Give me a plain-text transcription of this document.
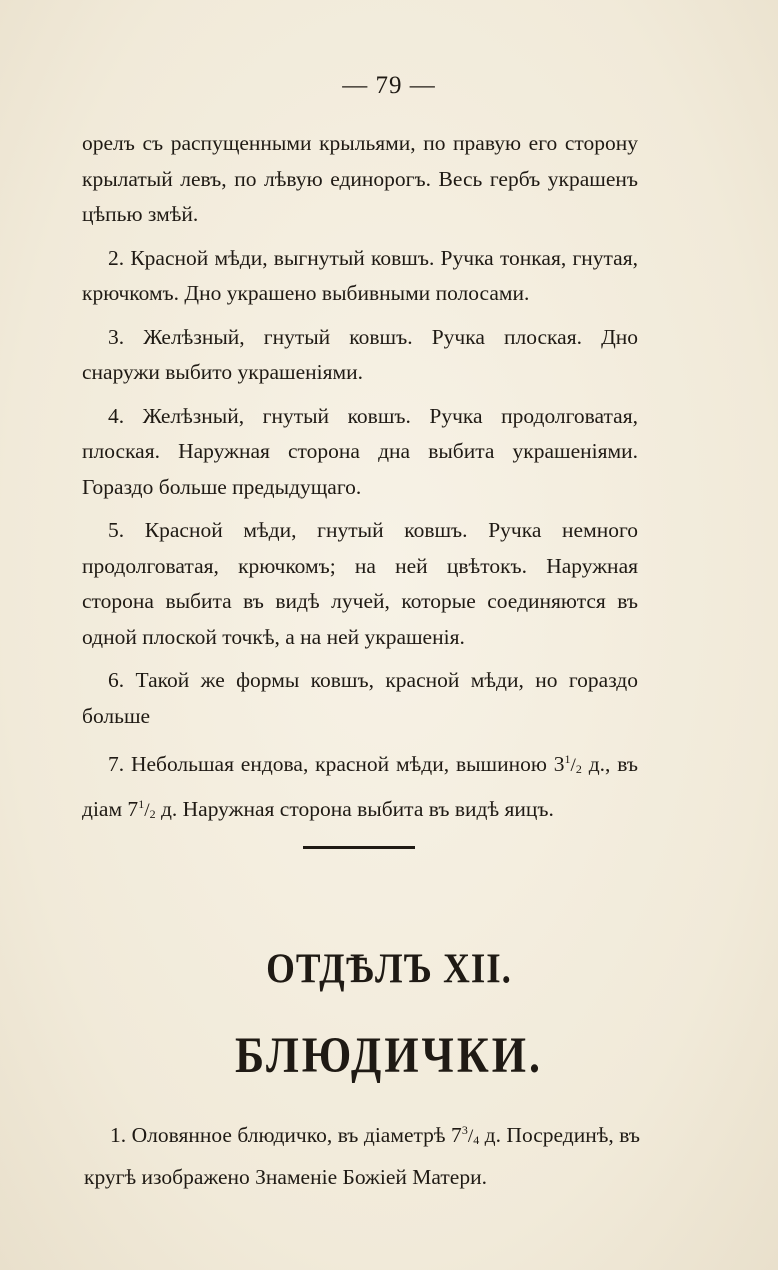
— 79 —

орелъ съ распущенными крыльями, по правую его сторону крылатый левъ, по лѣвую единорогъ. Весь гербъ украшенъ цѣпью змѣй.

2. Красной мѣди, выгнутый ковшъ. Ручка тонкая, гнутая, крючкомъ. Дно украшено выбивными полосами.

3. Желѣзный, гнутый ковшъ. Ручка плоская. Дно снаружи выбито украшеніями.

4. Желѣзный, гнутый ковшъ. Ручка продолговатая, плоская. Наружная сторона дна выбита украшеніями. Гораздо больше предыдущаго.

5. Красной мѣди, гнутый ковшъ. Ручка немного продолговатая, крючкомъ; на ней цвѣтокъ. Наружная сторона выбита въ видѣ лучей, которые соединяются въ одной плоской точкѣ, а на ней украшенія.

6. Такой же формы ковшъ, красной мѣди, но гораздо больше

7. Небольшая ендова, красной мѣди, вышиною $3^1/_2$ д., въ діам $7^1/_2$ д. Наружная сторона выбита въ видѣ яицъ.

ОТДѢЛЪ XII.
БЛЮДИЧКИ.

1. Оловянное блюдичко, въ діаметрѣ $7^3/_4$ д. Посрединѣ, въ кругѣ изображено Знаменіе Божіей Матери.
